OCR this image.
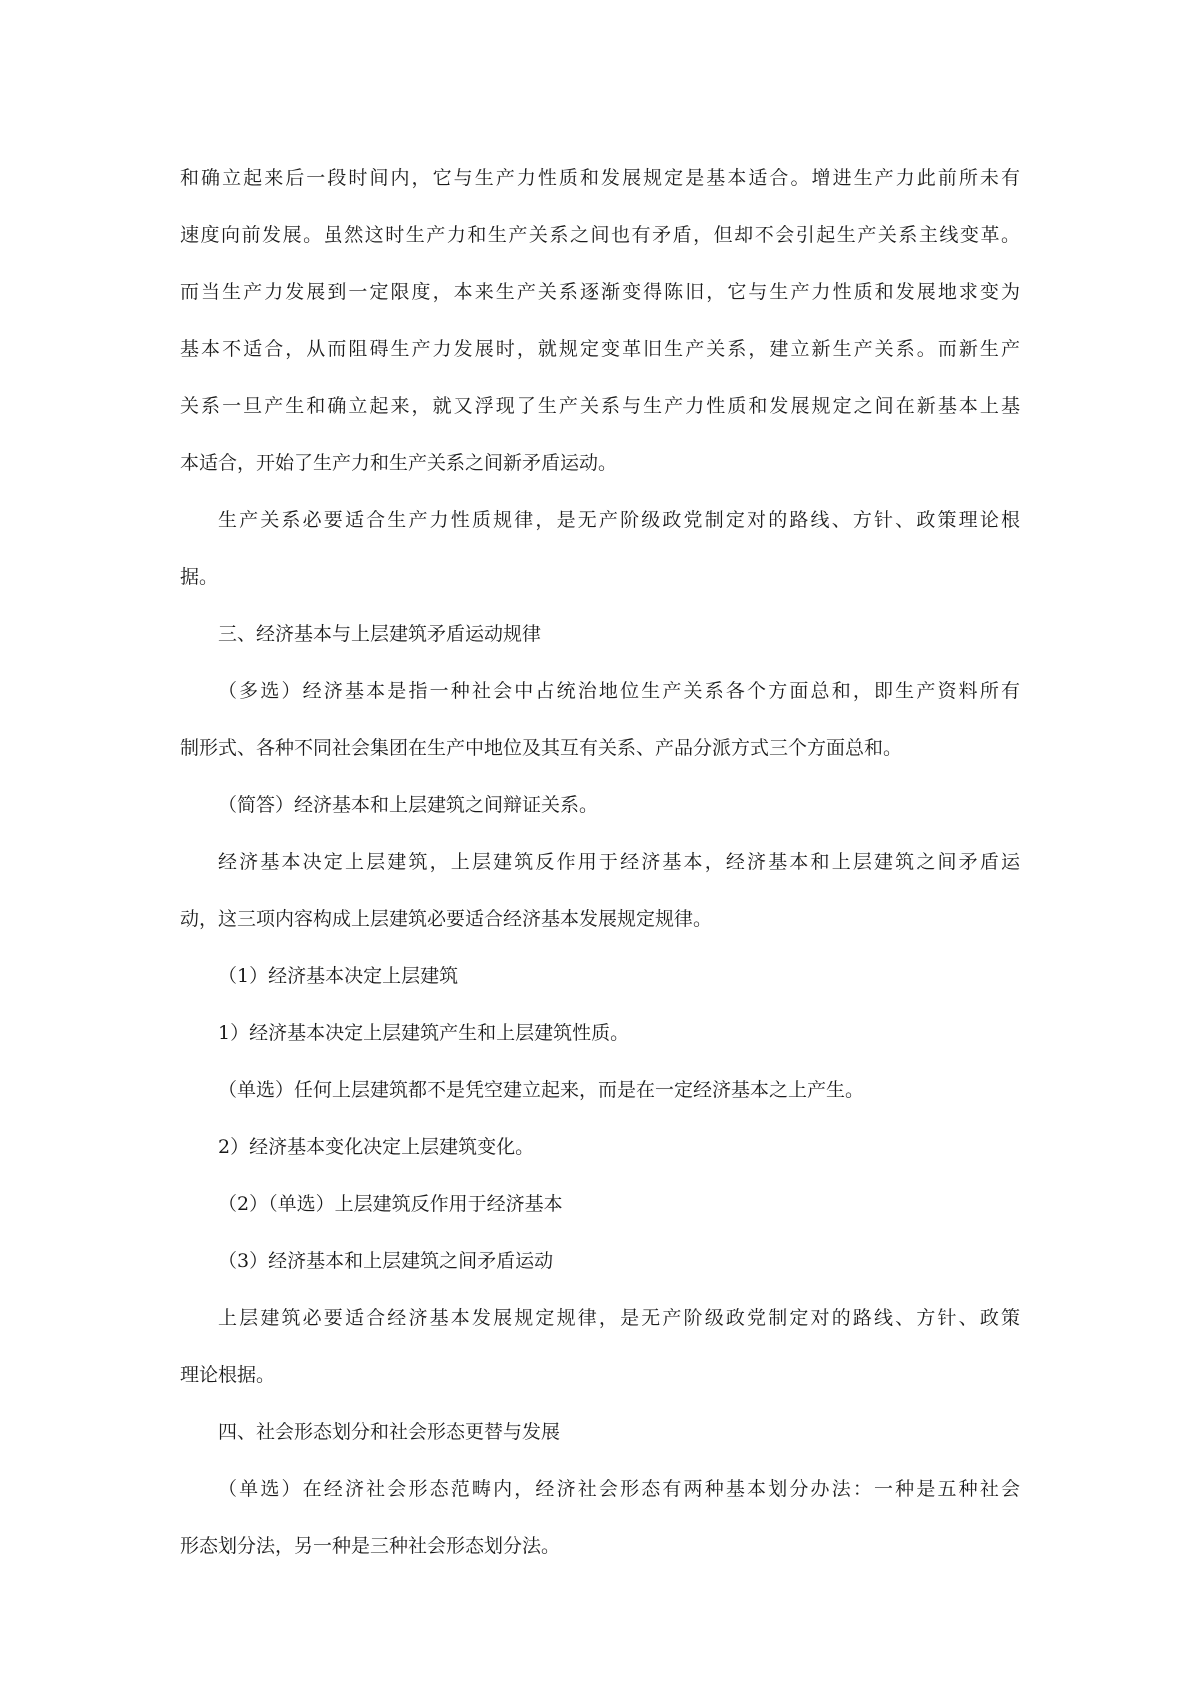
和确立起来后一段时间内，它与生产力性质和发展规定是基本适合。增进生产力此前所未有
速度向前发展。虽然这时生产力和生产关系之间也有矛盾，但却不会引起生产关系主线变革。
而当生产力发展到一定限度，本来生产关系逐渐变得陈旧，它与生产力性质和发展地求变为
基本不适合，从而阻碍生产力发展时，就规定变革旧生产关系，建立新生产关系。而新生产
关系一旦产生和确立起来，就又浮现了生产关系与生产力性质和发展规定之间在新基本上基
本适合，开始了生产力和生产关系之间新矛盾运动。
生产关系必要适合生产力性质规律，是无产阶级政党制定对的路线、方针、政策理论根
据。
三、经济基本与上层建筑矛盾运动规律
（多选）经济基本是指一种社会中占统治地位生产关系各个方面总和，即生产资料所有
制形式、各种不同社会集团在生产中地位及其互有关系、产品分派方式三个方面总和。
（简答）经济基本和上层建筑之间辩证关系。
经济基本决定上层建筑，上层建筑反作用于经济基本，经济基本和上层建筑之间矛盾运
动，这三项内容构成上层建筑必要适合经济基本发展规定规律。
（1）经济基本决定上层建筑
1）经济基本决定上层建筑产生和上层建筑性质。
（单选）任何上层建筑都不是凭空建立起来，而是在一定经济基本之上产生。
2）经济基本变化决定上层建筑变化。
（2）（单选）上层建筑反作用于经济基本
（3）经济基本和上层建筑之间矛盾运动
上层建筑必要适合经济基本发展规定规律，是无产阶级政党制定对的路线、方针、政策
理论根据。
四、社会形态划分和社会形态更替与发展
（单选）在经济社会形态范畴内，经济社会形态有两种基本划分办法：一种是五种社会
形态划分法，另一种是三种社会形态划分法。
